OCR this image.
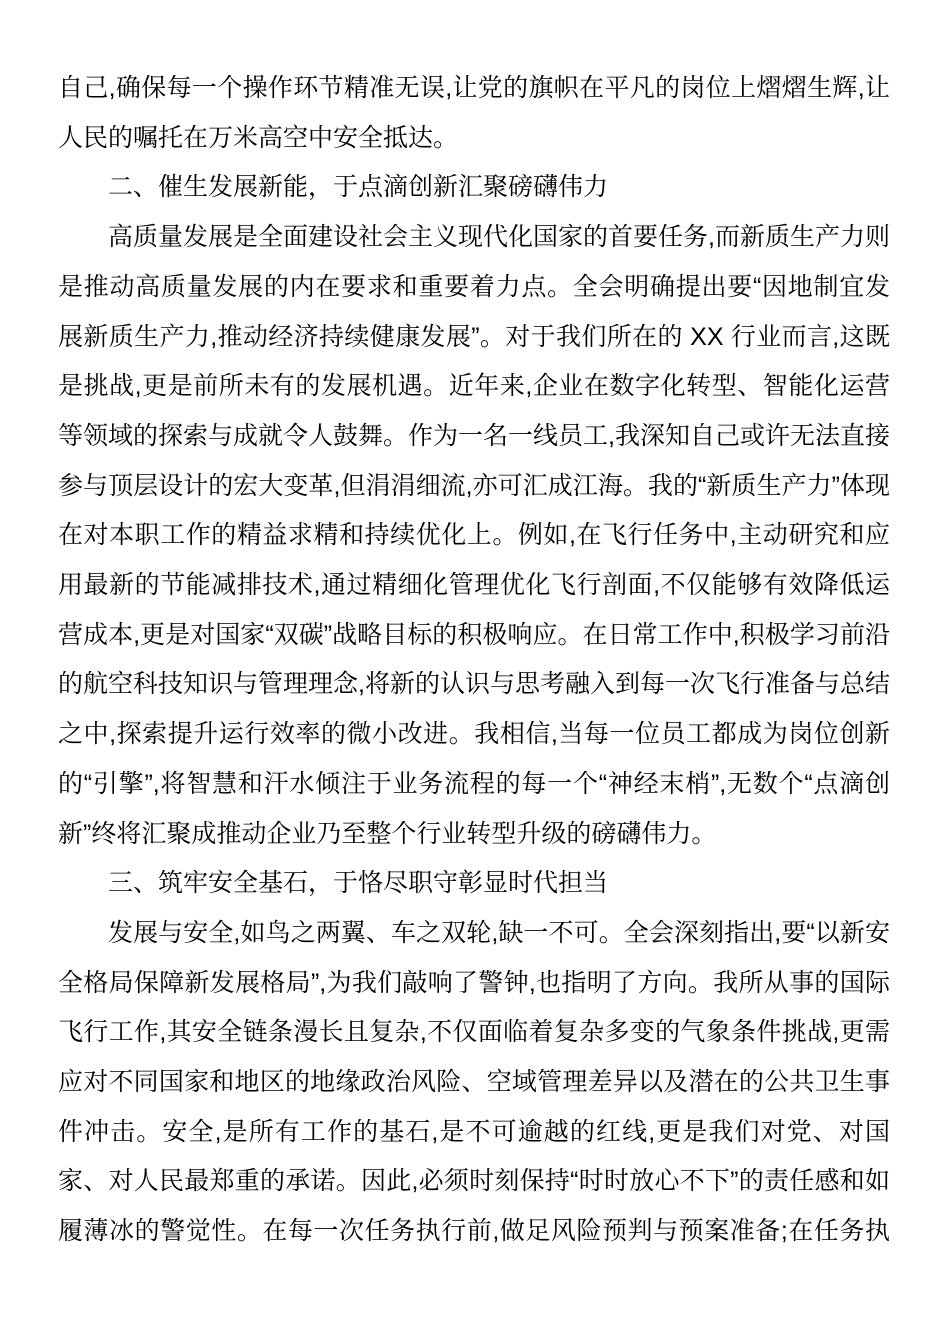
自己,确保每一个操作环节精准无误,让党的旗帜在平凡的岗位上熠熠生辉,让人民的嘱托在万米高空中安全抵达。

二、催生发展新能，于点滴创新汇聚磅礴伟力

高质量发展是全面建设社会主义现代化国家的首要任务,而新质生产力则是推动高质量发展的内在要求和重要着力点。全会明确提出要“因地制宜发展新质生产力,推动经济持续健康发展”。对于我们所在的 XX 行业而言,这既是挑战,更是前所未有的发展机遇。近年来,企业在数字化转型、智能化运营等领域的探索与成就令人鼓舞。作为一名一线员工,我深知自己或许无法直接参与顶层设计的宏大变革,但涓涓细流,亦可汇成江海。我的“新质生产力”体现在对本职工作的精益求精和持续优化上。例如,在飞行任务中,主动研究和应用最新的节能减排技术,通过精细化管理优化飞行剖面,不仅能够有效降低运营成本,更是对国家“双碳”战略目标的积极响应。在日常工作中,积极学习前沿的航空科技知识与管理理念,将新的认识与思考融入到每一次飞行准备与总结之中,探索提升运行效率的微小改进。我相信,当每一位员工都成为岗位创新的“引擎”,将智慧和汗水倾注于业务流程的每一个“神经末梢”,无数个“点滴创新”终将汇聚成推动企业乃至整个行业转型升级的磅礴伟力。

三、筑牢安全基石，于恪尽职守彰显时代担当

发展与安全,如鸟之两翼、车之双轮,缺一不可。全会深刻指出,要“以新安全格局保障新发展格局”,为我们敲响了警钟,也指明了方向。我所从事的国际飞行工作,其安全链条漫长且复杂,不仅面临着复杂多变的气象条件挑战,更需应对不同国家和地区的地缘政治风险、空域管理差异以及潜在的公共卫生事件冲击。安全,是所有工作的基石,是不可逾越的红线,更是我们对党、对国家、对人民最郑重的承诺。因此,必须时刻保持“时时放心不下”的责任感和如履薄冰的警觉性。在每一次任务执行前,做足风险预判与预案准备;在任务执
